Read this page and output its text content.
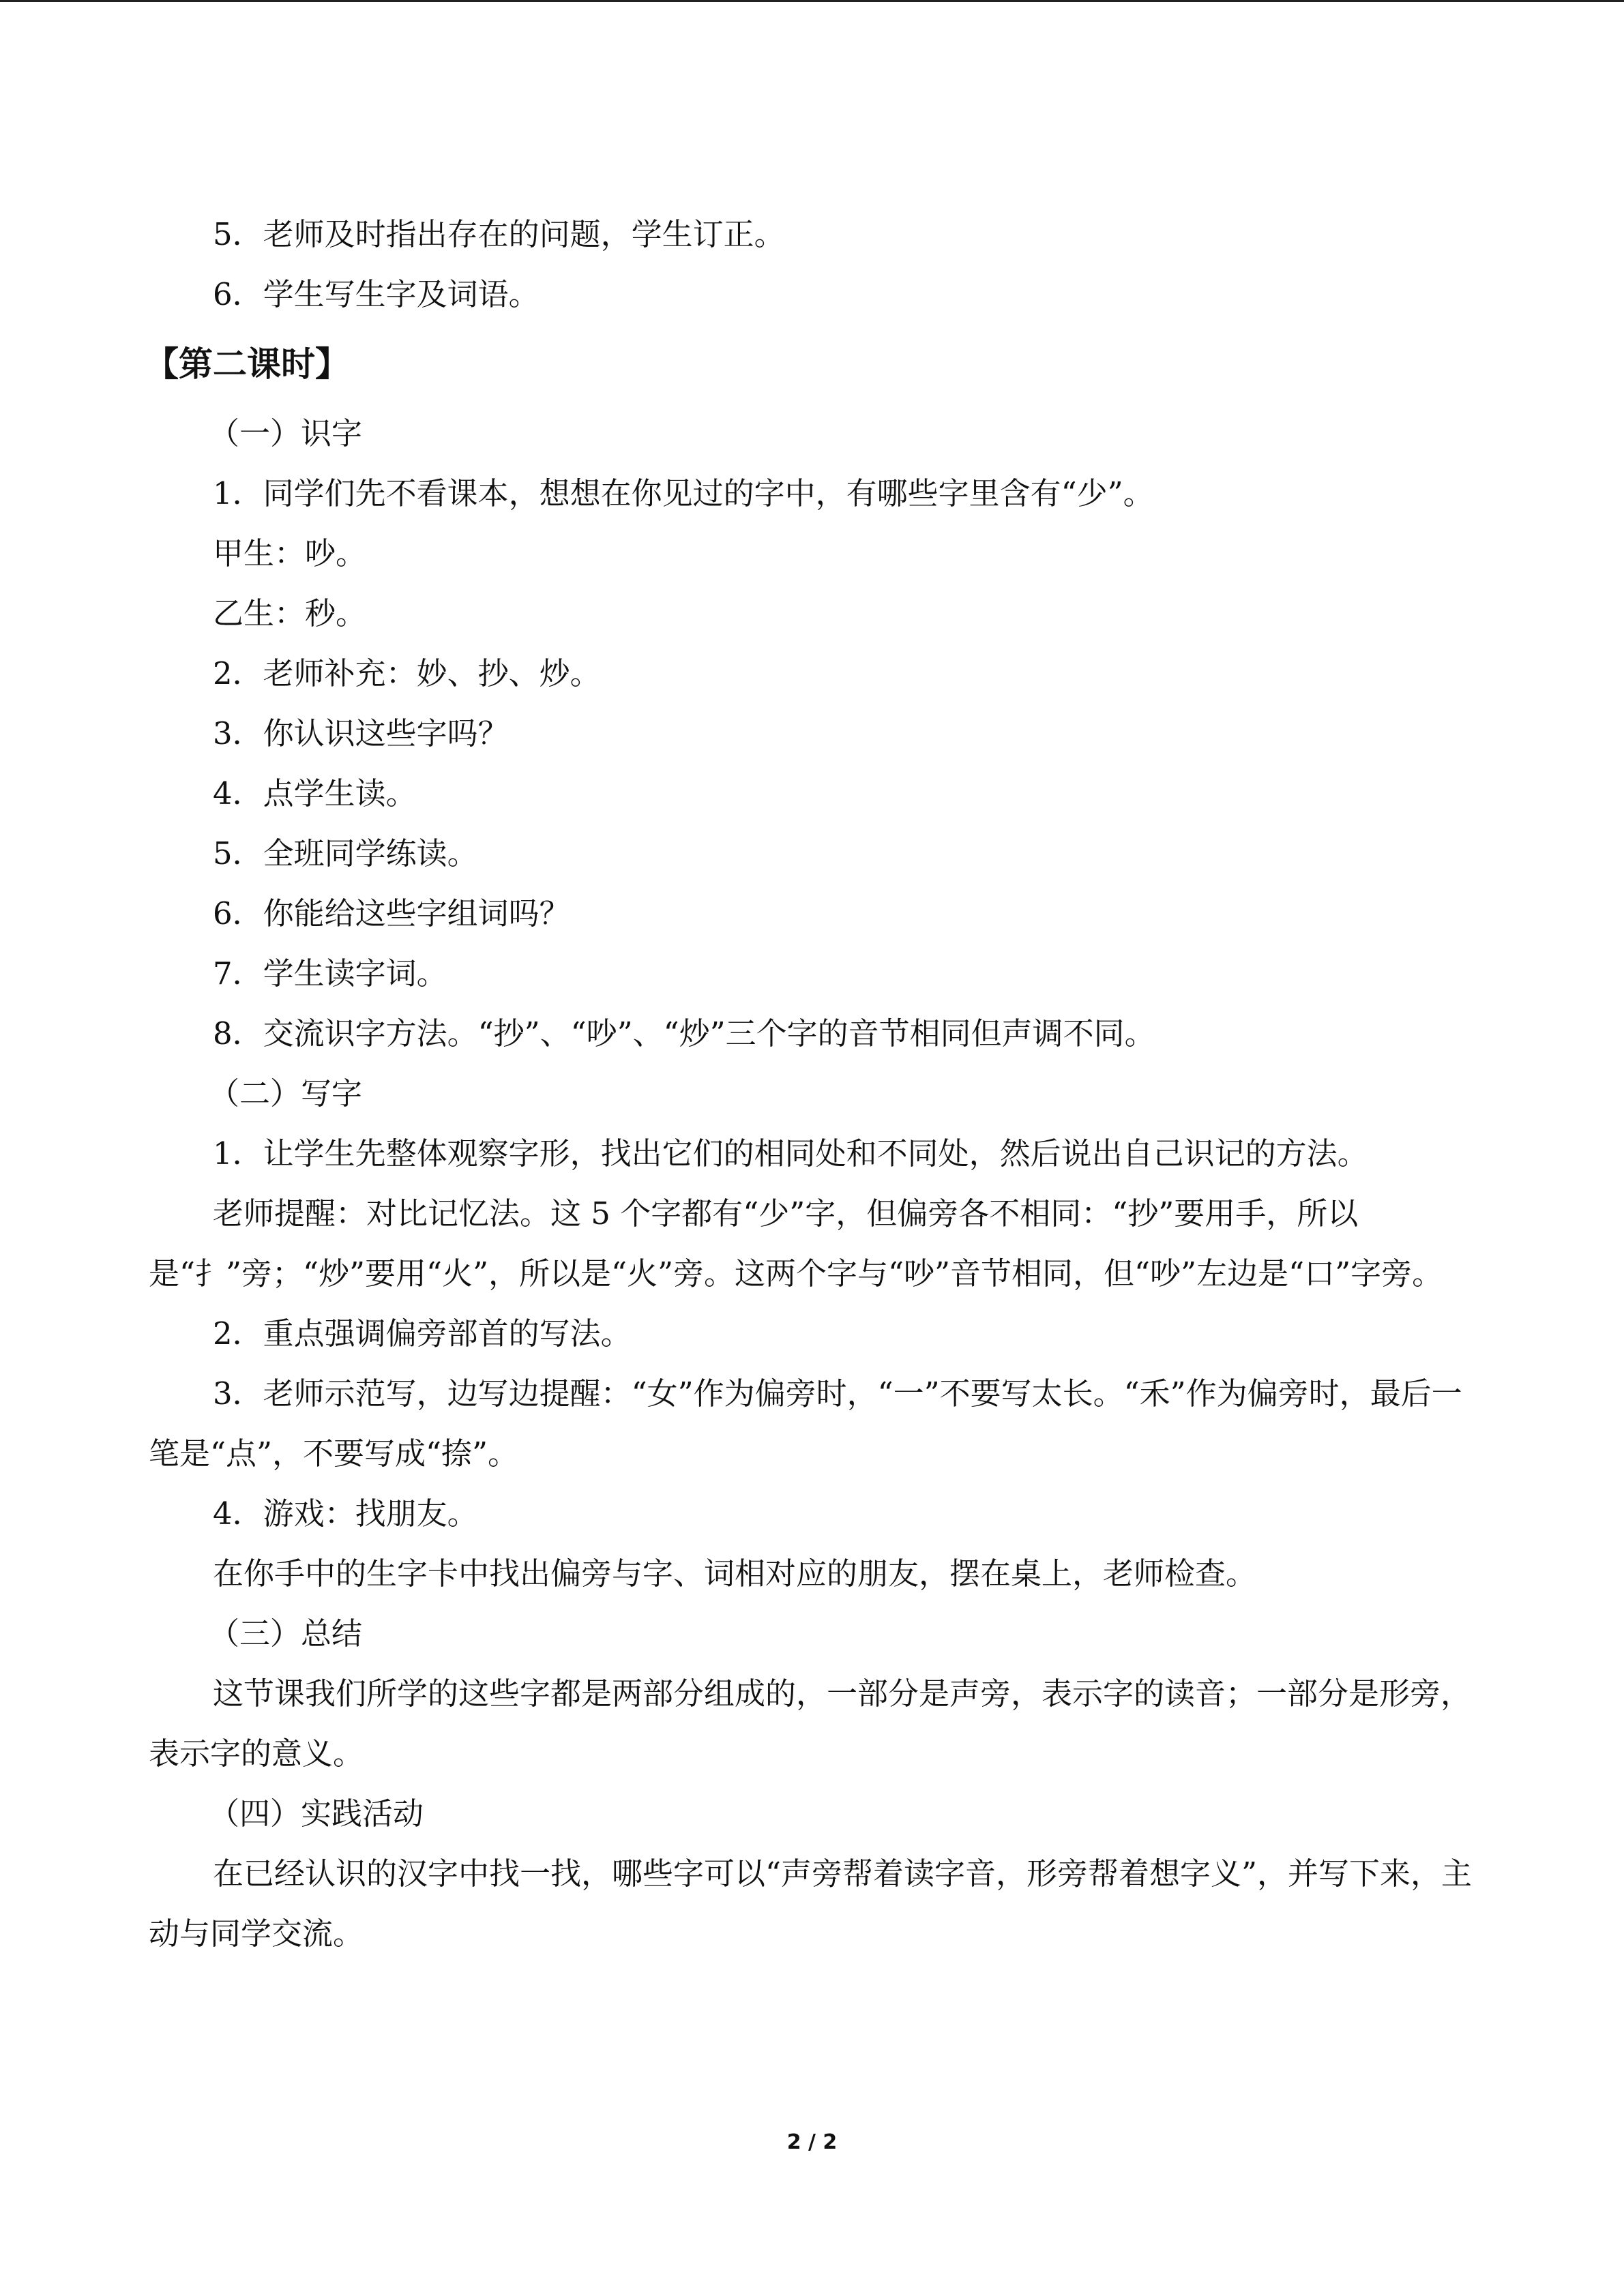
5．老师及时指出存在的问题，学生订正。
6．学生写生字及词语。
【第二课时】
（一）识字
1．同学们先不看课本，想想在你见过的字中，有哪些字里含有“少”。
甲生：吵。
乙生：秒。
2．老师补充：妙、抄、炒。
3．你认识这些字吗？
4．点学生读。
5．全班同学练读。
6．你能给这些字组词吗？
7．学生读字词。
8．交流识字方法。“抄”、“吵”、“炒”三个字的音节相同但声调不同。
（二）写字
1．让学生先整体观察字形，找出它们的相同处和不同处，然后说出自己识记的方法。
老师提醒：对比记忆法。这 5 个字都有“少”字，但偏旁各不相同：“抄”要用手，所以是“扌”旁；“炒”要用“火”，所以是“火”旁。这两个字与“吵”音节相同，但“吵”左边是“口”字旁。
2．重点强调偏旁部首的写法。
3．老师示范写，边写边提醒：“女”作为偏旁时，“一”不要写太长。“禾”作为偏旁时，最后一笔是“点”，不要写成“捺”。
4．游戏：找朋友。
在你手中的生字卡中找出偏旁与字、词相对应的朋友，摆在桌上，老师检查。
（三）总结
这节课我们所学的这些字都是两部分组成的，一部分是声旁，表示字的读音；一部分是形旁，表示字的意义。
（四）实践活动
在已经认识的汉字中找一找，哪些字可以“声旁帮着读字音，形旁帮着想字义”，并写下来，主动与同学交流。
2 / 2
